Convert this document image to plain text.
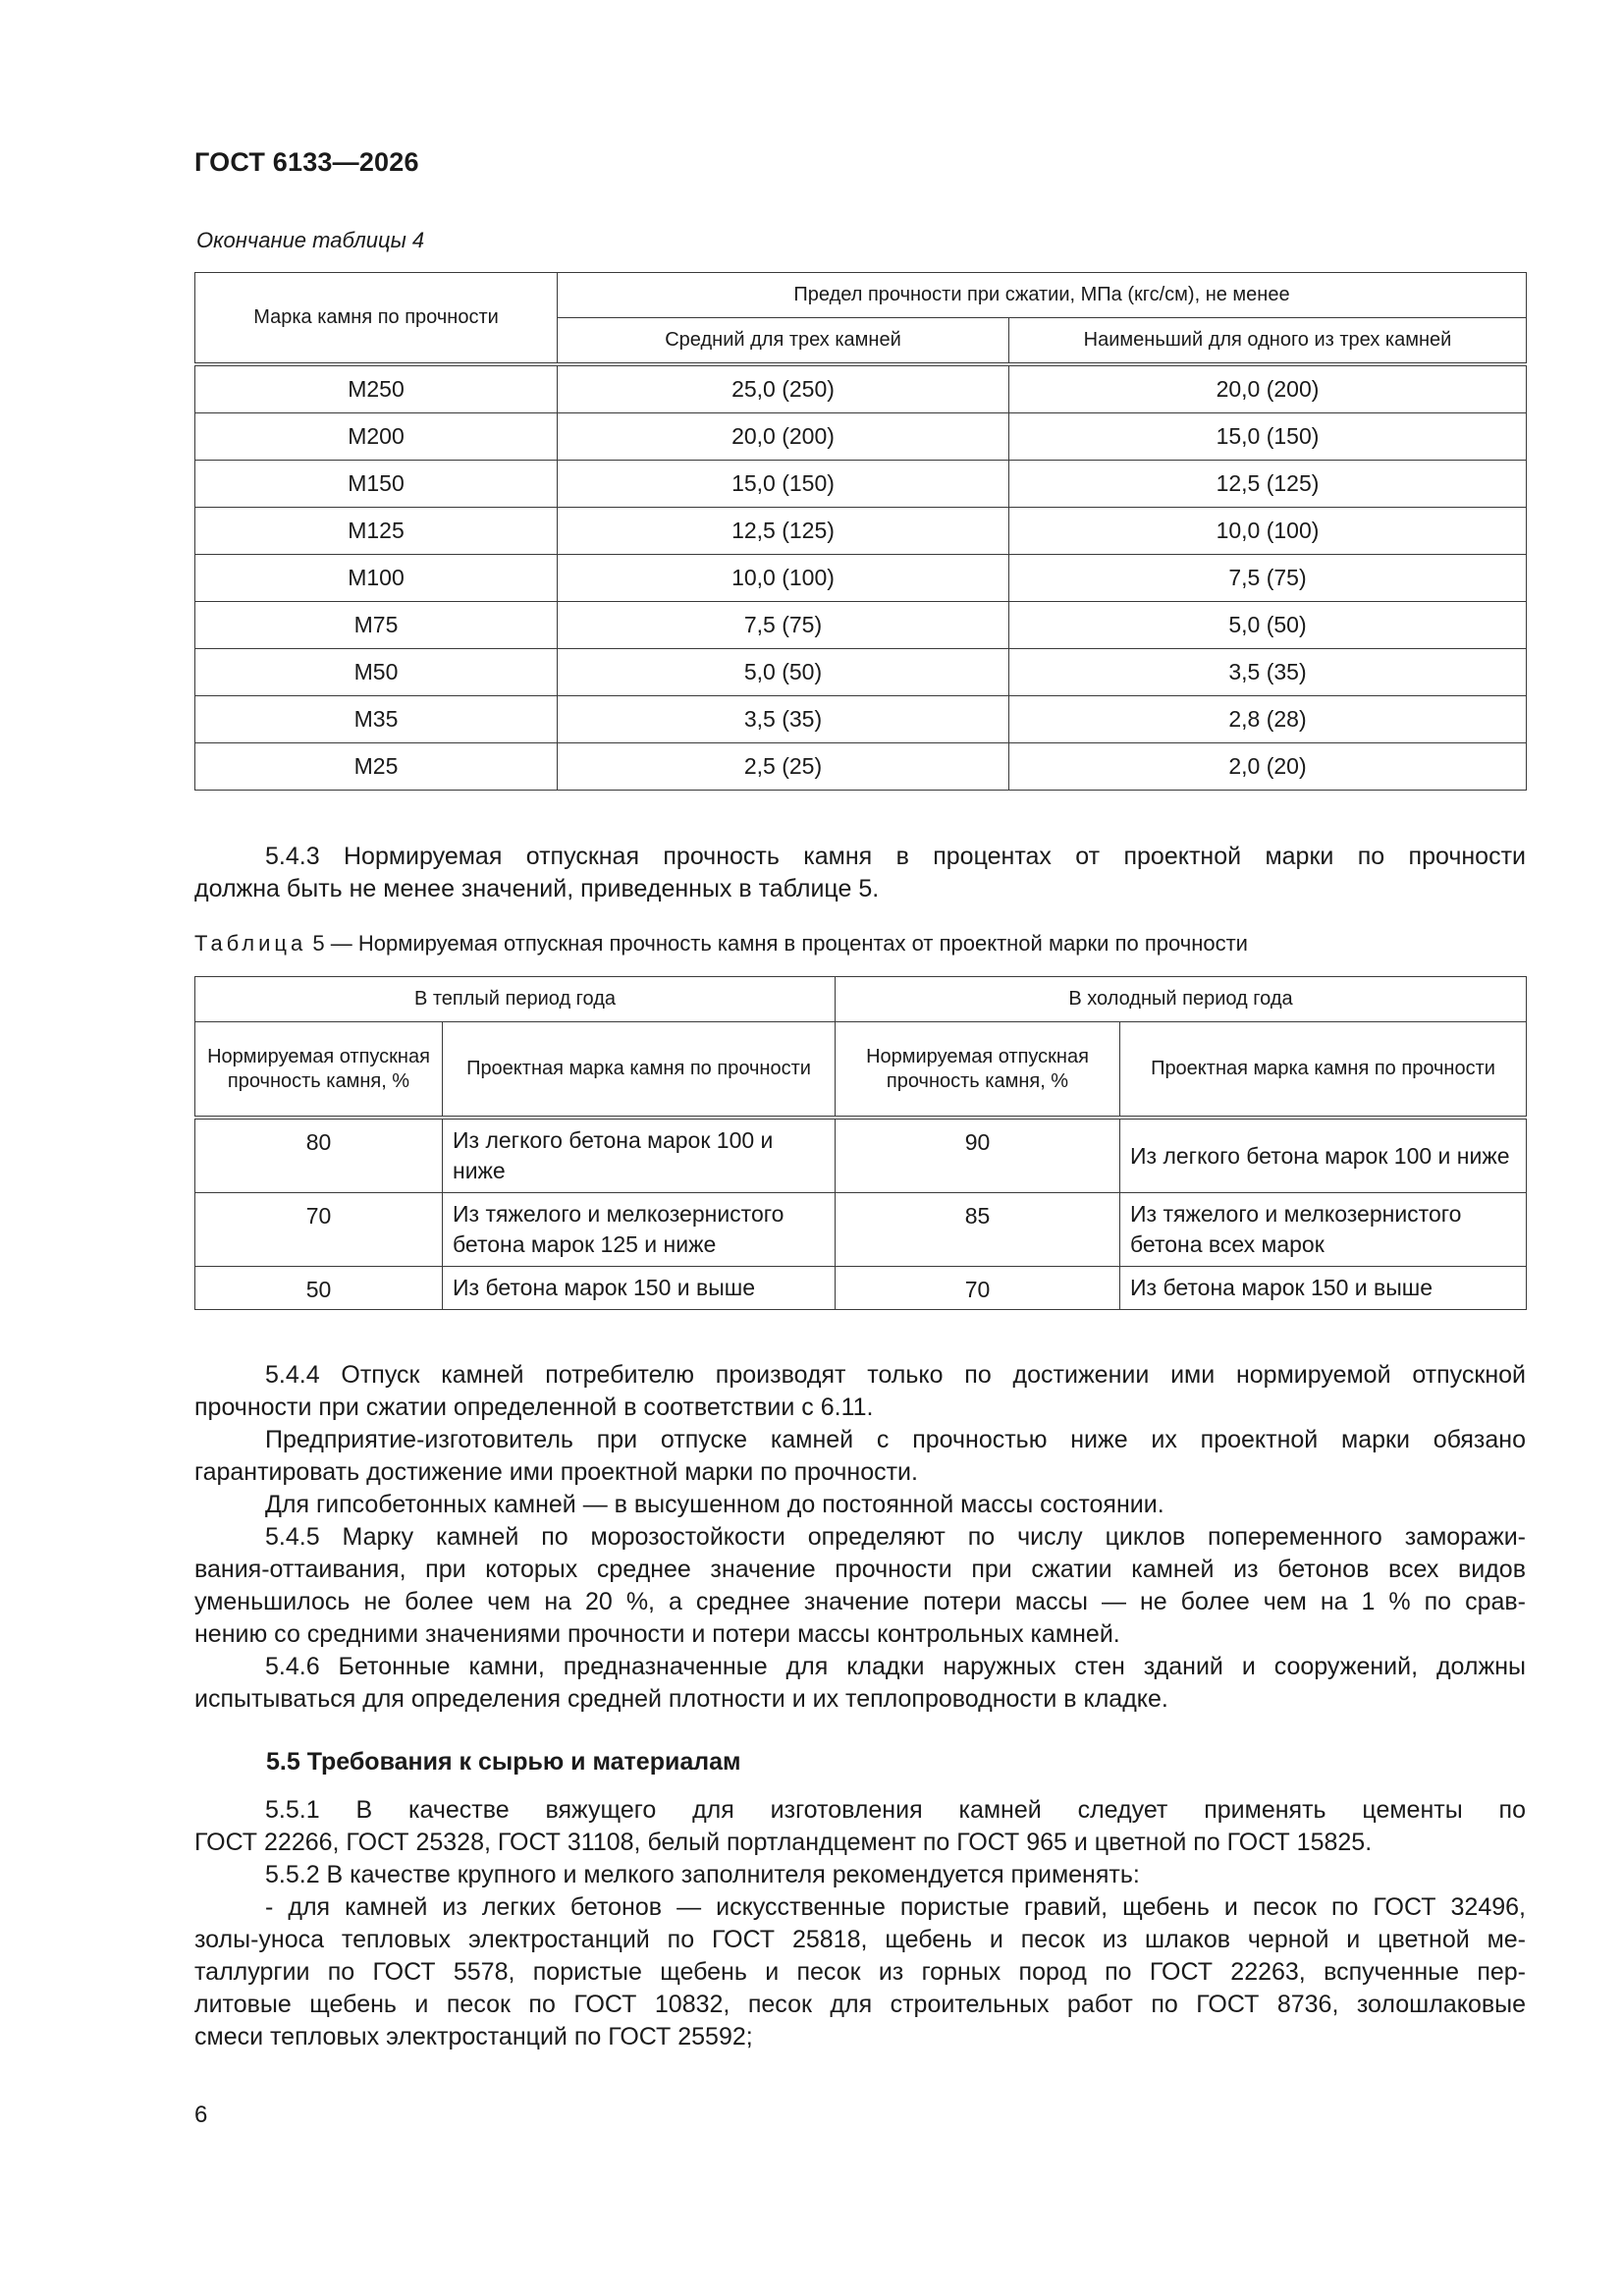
ГОСТ 6133—2026
Окончание таблицы 4
Марка камня по прочности	Предел прочности при сжатии, МПа (кгс/см), не менее	
	Средний для трех камней	Наименьший для одного из трех камней
М250	25,0 (250)	20,0 (200)
М200	20,0 (200)	15,0 (150)
М150	15,0 (150)	12,5 (125)
М125	12,5 (125)	10,0 (100)
М100	10,0 (100)	7,5 (75)
М75	7,5 (75)	5,0 (50)
М50	5,0 (50)	3,5 (35)
М35	3,5 (35)	2,8 (28)
М25	2,5 (25)	2,0 (20)
5.4.3 Нормируемая отпускная прочность камня в процентах от проектной марки по прочности
должна быть не менее значений, приведенных в таблице 5.
Таблица 5 — Нормируемая отпускная прочность камня в процентах от проектной марки по прочности
В теплый период года		В холодный период года	
Нормируемая отпускная прочность камня, %	Проектная марка камня по прочности	Нормируемая отпускная прочность камня, %	Проектная марка камня по прочности
80	Из легкого бетона марок 100 и ниже	90	Из легкого бетона марок 100 и ниже
70	Из тяжелого и мелкозернистого бетона марок 125 и ниже	85	Из тяжелого и мелкозернистого бетона всех марок
50	Из бетона марок 150 и выше	70	Из бетона марок 150 и выше
5.4.4 Отпуск камней потребителю производят только по достижении ими нормируемой отпускной
прочности при сжатии определенной в соответствии с 6.11.
Предприятие-изготовитель при отпуске камней с прочностью ниже их проектной марки обязано
гарантировать достижение ими проектной марки по прочности.
Для гипсобетонных камней — в высушенном до постоянной массы состоянии.
5.4.5 Марку камней по морозостойкости определяют по числу циклов попеременного заморажи-
вания-оттаивания, при которых среднее значение прочности при сжатии камней из бетонов всех видов
уменьшилось не более чем на 20 %, а среднее значение потери массы — не более чем на 1 % по срав-
нению со средними значениями прочности и потери массы контрольных камней.
5.4.6 Бетонные камни, предназначенные для кладки наружных стен зданий и сооружений, должны
испытываться для определения средней плотности и их теплопроводности в кладке.
5.5 Требования к сырью и материалам
5.5.1 В качестве вяжущего для изготовления камней следует применять цементы по
ГОСТ 22266, ГОСТ 25328, ГОСТ 31108, белый портландцемент по ГОСТ 965 и цветной по ГОСТ 15825.
5.5.2 В качестве крупного и мелкого заполнителя рекомендуется применять:
- для камней из легких бетонов — искусственные пористые гравий, щебень и песок по ГОСТ 32496,
золы-уноса тепловых электростанций по ГОСТ 25818, щебень и песок из шлаков черной и цветной ме-
таллургии по ГОСТ 5578, пористые щебень и песок из горных пород по ГОСТ 22263, вспученные пер-
литовые щебень и песок по ГОСТ 10832, песок для строительных работ по ГОСТ 8736, золошлаковые
смеси тепловых электростанций по ГОСТ 25592;
6
